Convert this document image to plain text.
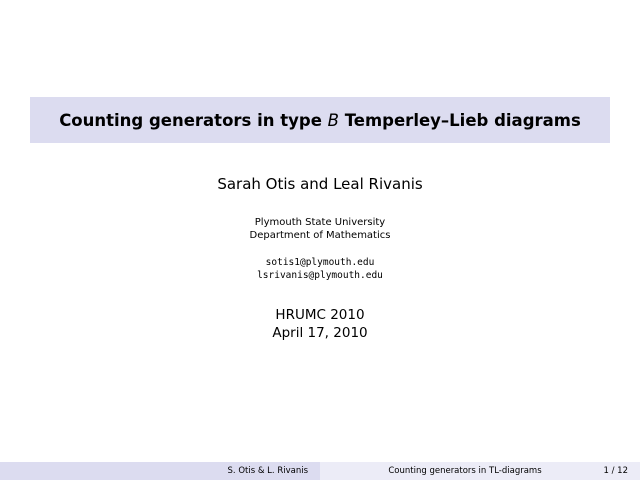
Counting generators in type B Temperley–Lieb diagrams
Sarah Otis and Leal Rivanis
Plymouth State University
Department of Mathematics
sotis1@plymouth.edu
lsrivanis@plymouth.edu
HRUMC 2010
April 17, 2010
S. Otis & L. Rivanis	Counting generators in TL-diagrams	1 / 12
